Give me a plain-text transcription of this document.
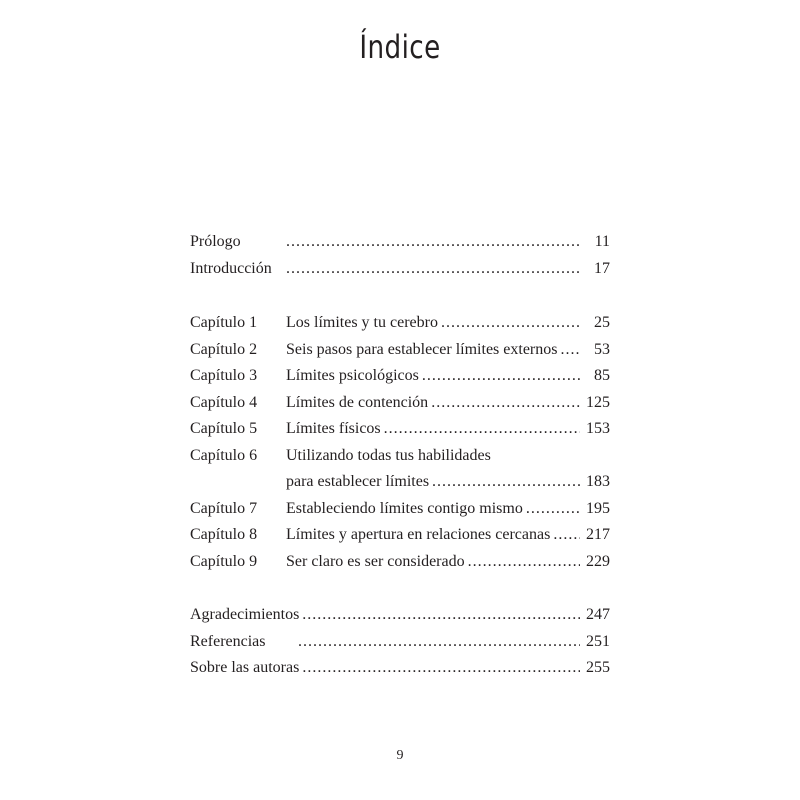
Índice
Prólogo .....	11
Introducción .....	17
Capítulo 1 Los límites y tu cerebro .....	25
Capítulo 2 Seis pasos para establecer límites externos .....	53
Capítulo 3 Límites psicológicos .....	85
Capítulo 4 Límites de contención .....	125
Capítulo 5 Límites físicos .....	153
Capítulo 6 Utilizando todas tus habilidades
para establecer límites .....	183
Capítulo 7 Estableciendo límites contigo mismo .....	195
Capítulo 8 Límites y apertura en relaciones cercanas .....	217
Capítulo 9 Ser claro es ser considerado .....	229
Agradecimientos .....	247
Referencias .....	251
Sobre las autoras .....	255
9
